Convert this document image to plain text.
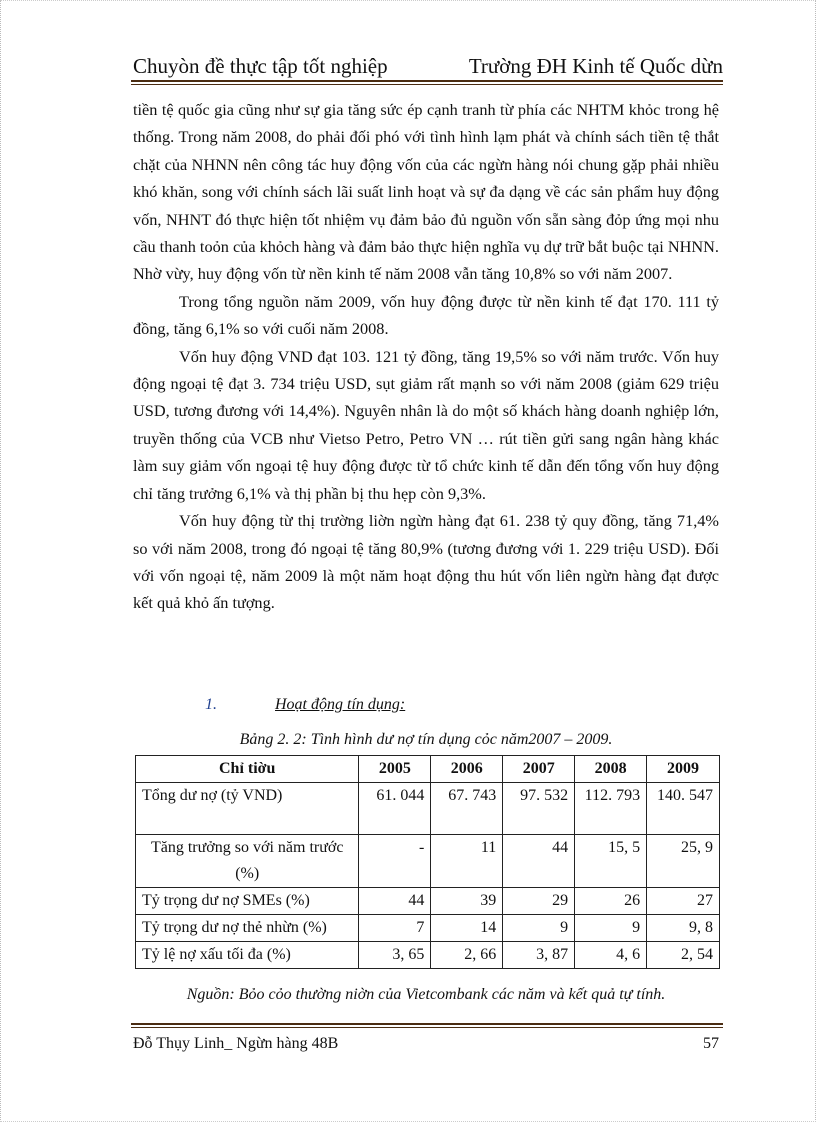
Chuyòn đề thực tập tốt nghiệp	Trường ĐH Kinh tế Quốc dừn

tiền tệ quốc gia cũng như sự gia tăng sức ép cạnh tranh từ phía các NHTM khỏc trong hệ thống. Trong năm 2008, do phải đối phó với tình hình lạm phát và chính sách tiền tệ thắt chặt của NHNN nên công tác huy động vốn của các ngừn hàng nói chung gặp phải nhiều khó khăn, song với chính sách lãi suất linh hoạt và sự đa dạng về các sản phẩm huy động vốn, NHNT đó thực hiện tốt nhiệm vụ đảm bảo đủ nguồn vốn sẵn sàng đỏp ứng mọi nhu cầu thanh toỏn của khỏch hàng và đảm bảo thực hiện nghĩa vụ dự trữ bắt buộc tại NHNN. Nhờ vừy, huy động vốn từ nền kinh tế năm 2008 vẫn tăng 10,8% so với năm 2007.

Trong tổng nguồn năm 2009, vốn huy động được từ nền kinh tế đạt 170. 111 tỷ đồng, tăng 6,1% so với cuối năm 2008.

Vốn huy động VND đạt 103. 121 tỷ đồng, tăng 19,5% so với năm trước. Vốn huy động ngoại tệ đạt 3. 734 triệu USD, sụt giảm rất mạnh so với năm 2008 (giảm 629 triệu USD, tương đương với 14,4%). Nguyên nhân là do một số khách hàng doanh nghiệp lớn, truyền thống của VCB như Vietso Petro, Petro VN … rút tiền gửi sang ngân hàng khác làm suy giảm vốn ngoại tệ huy động được từ tổ chức kinh tế dẫn đến tổng vốn huy động chỉ tăng trưởng 6,1% và thị phần bị thu hẹp còn 9,3%.

Vốn huy động từ thị trường liờn ngừn hàng đạt 61. 238 tỷ quy đồng, tăng 71,4% so với năm 2008, trong đó ngoại tệ tăng 80,9% (tương đương với 1. 229 triệu USD). Đối với vốn ngoại tệ, năm 2009 là một năm hoạt động thu hút vốn liên ngừn hàng đạt được kết quả khỏ ấn tượng.

1.	Hoạt động tín dụng:
Bảng 2. 2: Tình hình dư nợ tín dụng cỏc năm2007 – 2009.
Chỉ tiờu	2005	2006	2007	2008	2009
Tổng dư nợ (tỷ VND)	61. 044	67. 743	97. 532	112. 793	140. 547
Tăng trưởng so với năm trước (%)	-	11	44	15, 5	25, 9
Tỷ trọng dư nợ SMEs (%)	44	39	29	26	27
Tỷ trọng dư nợ thẻ nhừn (%)	7	14	9	9	9, 8
Tỷ lệ nợ xấu tối đa (%)	3, 65	2, 66	3, 87	4, 6	2, 54
Nguồn: Bỏo cỏo thường niờn của Vietcombank các năm và kết quả tự tính.
Đỗ Thụy Linh_ Ngừn hàng 48B	57
